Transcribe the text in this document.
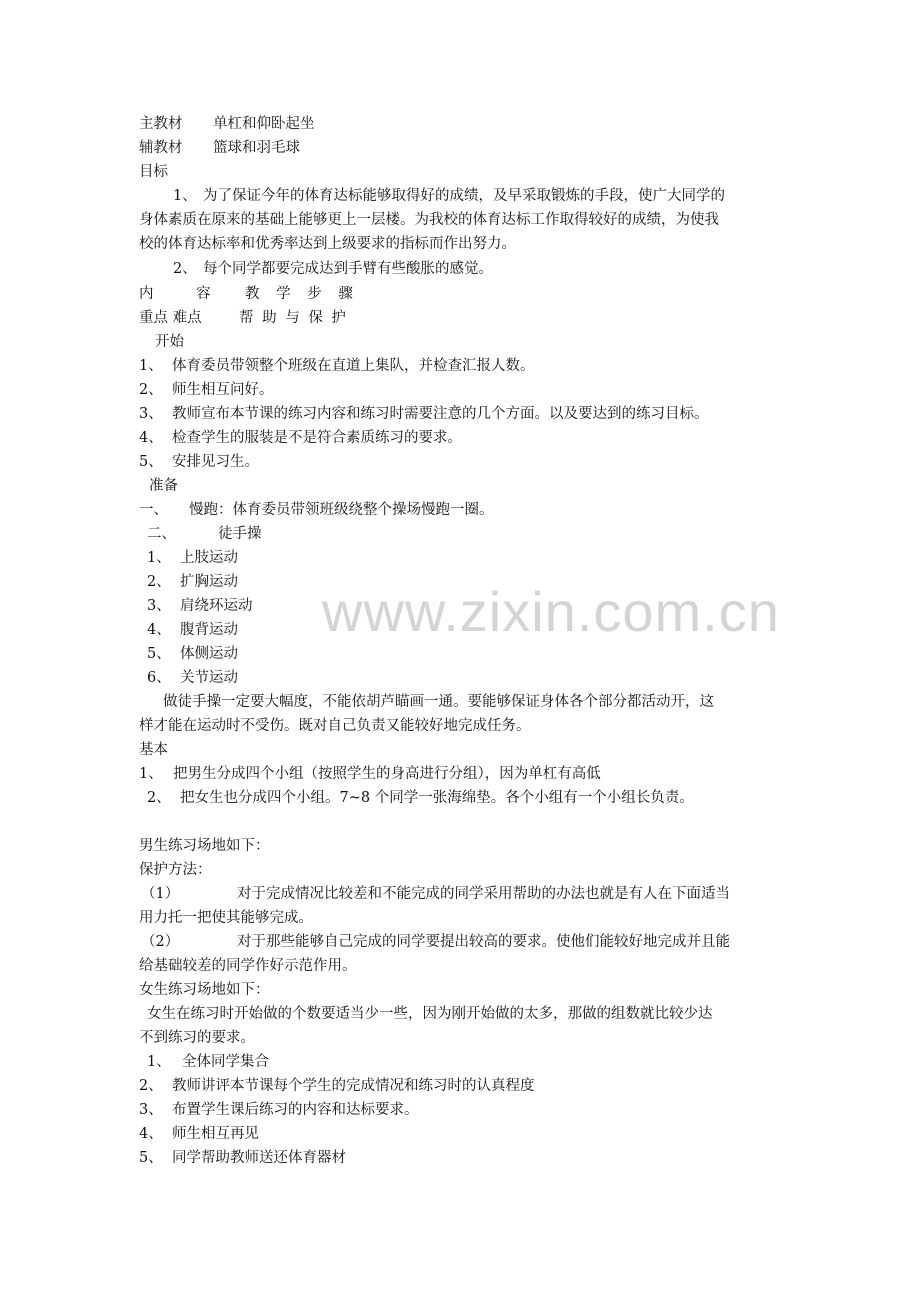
www.zixin.com.cn
主教材 单杠和仰卧起坐
辅教材 篮球和羽毛球
目标
1、 为了保证今年的体育达标能够取得好的成绩，及早采取锻炼的手段，使广大同学的
身体素质在原来的基础上能够更上一层楼。为我校的体育达标工作取得较好的成绩，为使我
校的体育达标率和优秀率达到上级要求的指标而作出努力。
2、 每个同学都要完成达到手臂有些酸胀的感觉。
内　容 教 学 步 骤
重点 难点	帮 助 与 保 护
开始
1、 体育委员带领整个班级在直道上集队，并检查汇报人数。
2、 师生相互问好。
3、 教师宣布本节课的练习内容和练习时需要注意的几个方面。以及要达到的练习目标。
4、 检查学生的服装是不是符合素质练习的要求。
5、 安排见习生。
准备
一、 慢跑：体育委员带领班级绕整个操场慢跑一圈。
二、	徒手操
1、 上肢运动
2、 扩胸运动
3、 肩绕环运动
4、 腹背运动
5、 体侧运动
6、 关节运动
做徒手操一定要大幅度，不能依胡芦瞄画一通。要能够保证身体各个部分都活动开，这
样才能在运动时不受伤。既对自己负责又能较好地完成任务。
基本
1、 把男生分成四个小组（按照学生的身高进行分组），因为单杠有高低
2、 把女生也分成四个小组。7~8 个同学一张海绵垫。各个小组有一个小组长负责。
男生练习场地如下：
保护方法：
（1）	对于完成情况比较差和不能完成的同学采用帮助的办法也就是有人在下面适当
用力托一把使其能够完成。
（2）	对于那些能够自己完成的同学要提出较高的要求。使他们能较好地完成并且能
给基础较差的同学作好示范作用。
女生练习场地如下：
女生在练习时开始做的个数要适当少一些，因为刚开始做的太多，那做的组数就比较少达
不到练习的要求。
1、 全体同学集合
2、 教师讲评本节课每个学生的完成情况和练习时的认真程度
3、 布置学生课后练习的内容和达标要求。
4、 师生相互再见
5、 同学帮助教师送还体育器材
